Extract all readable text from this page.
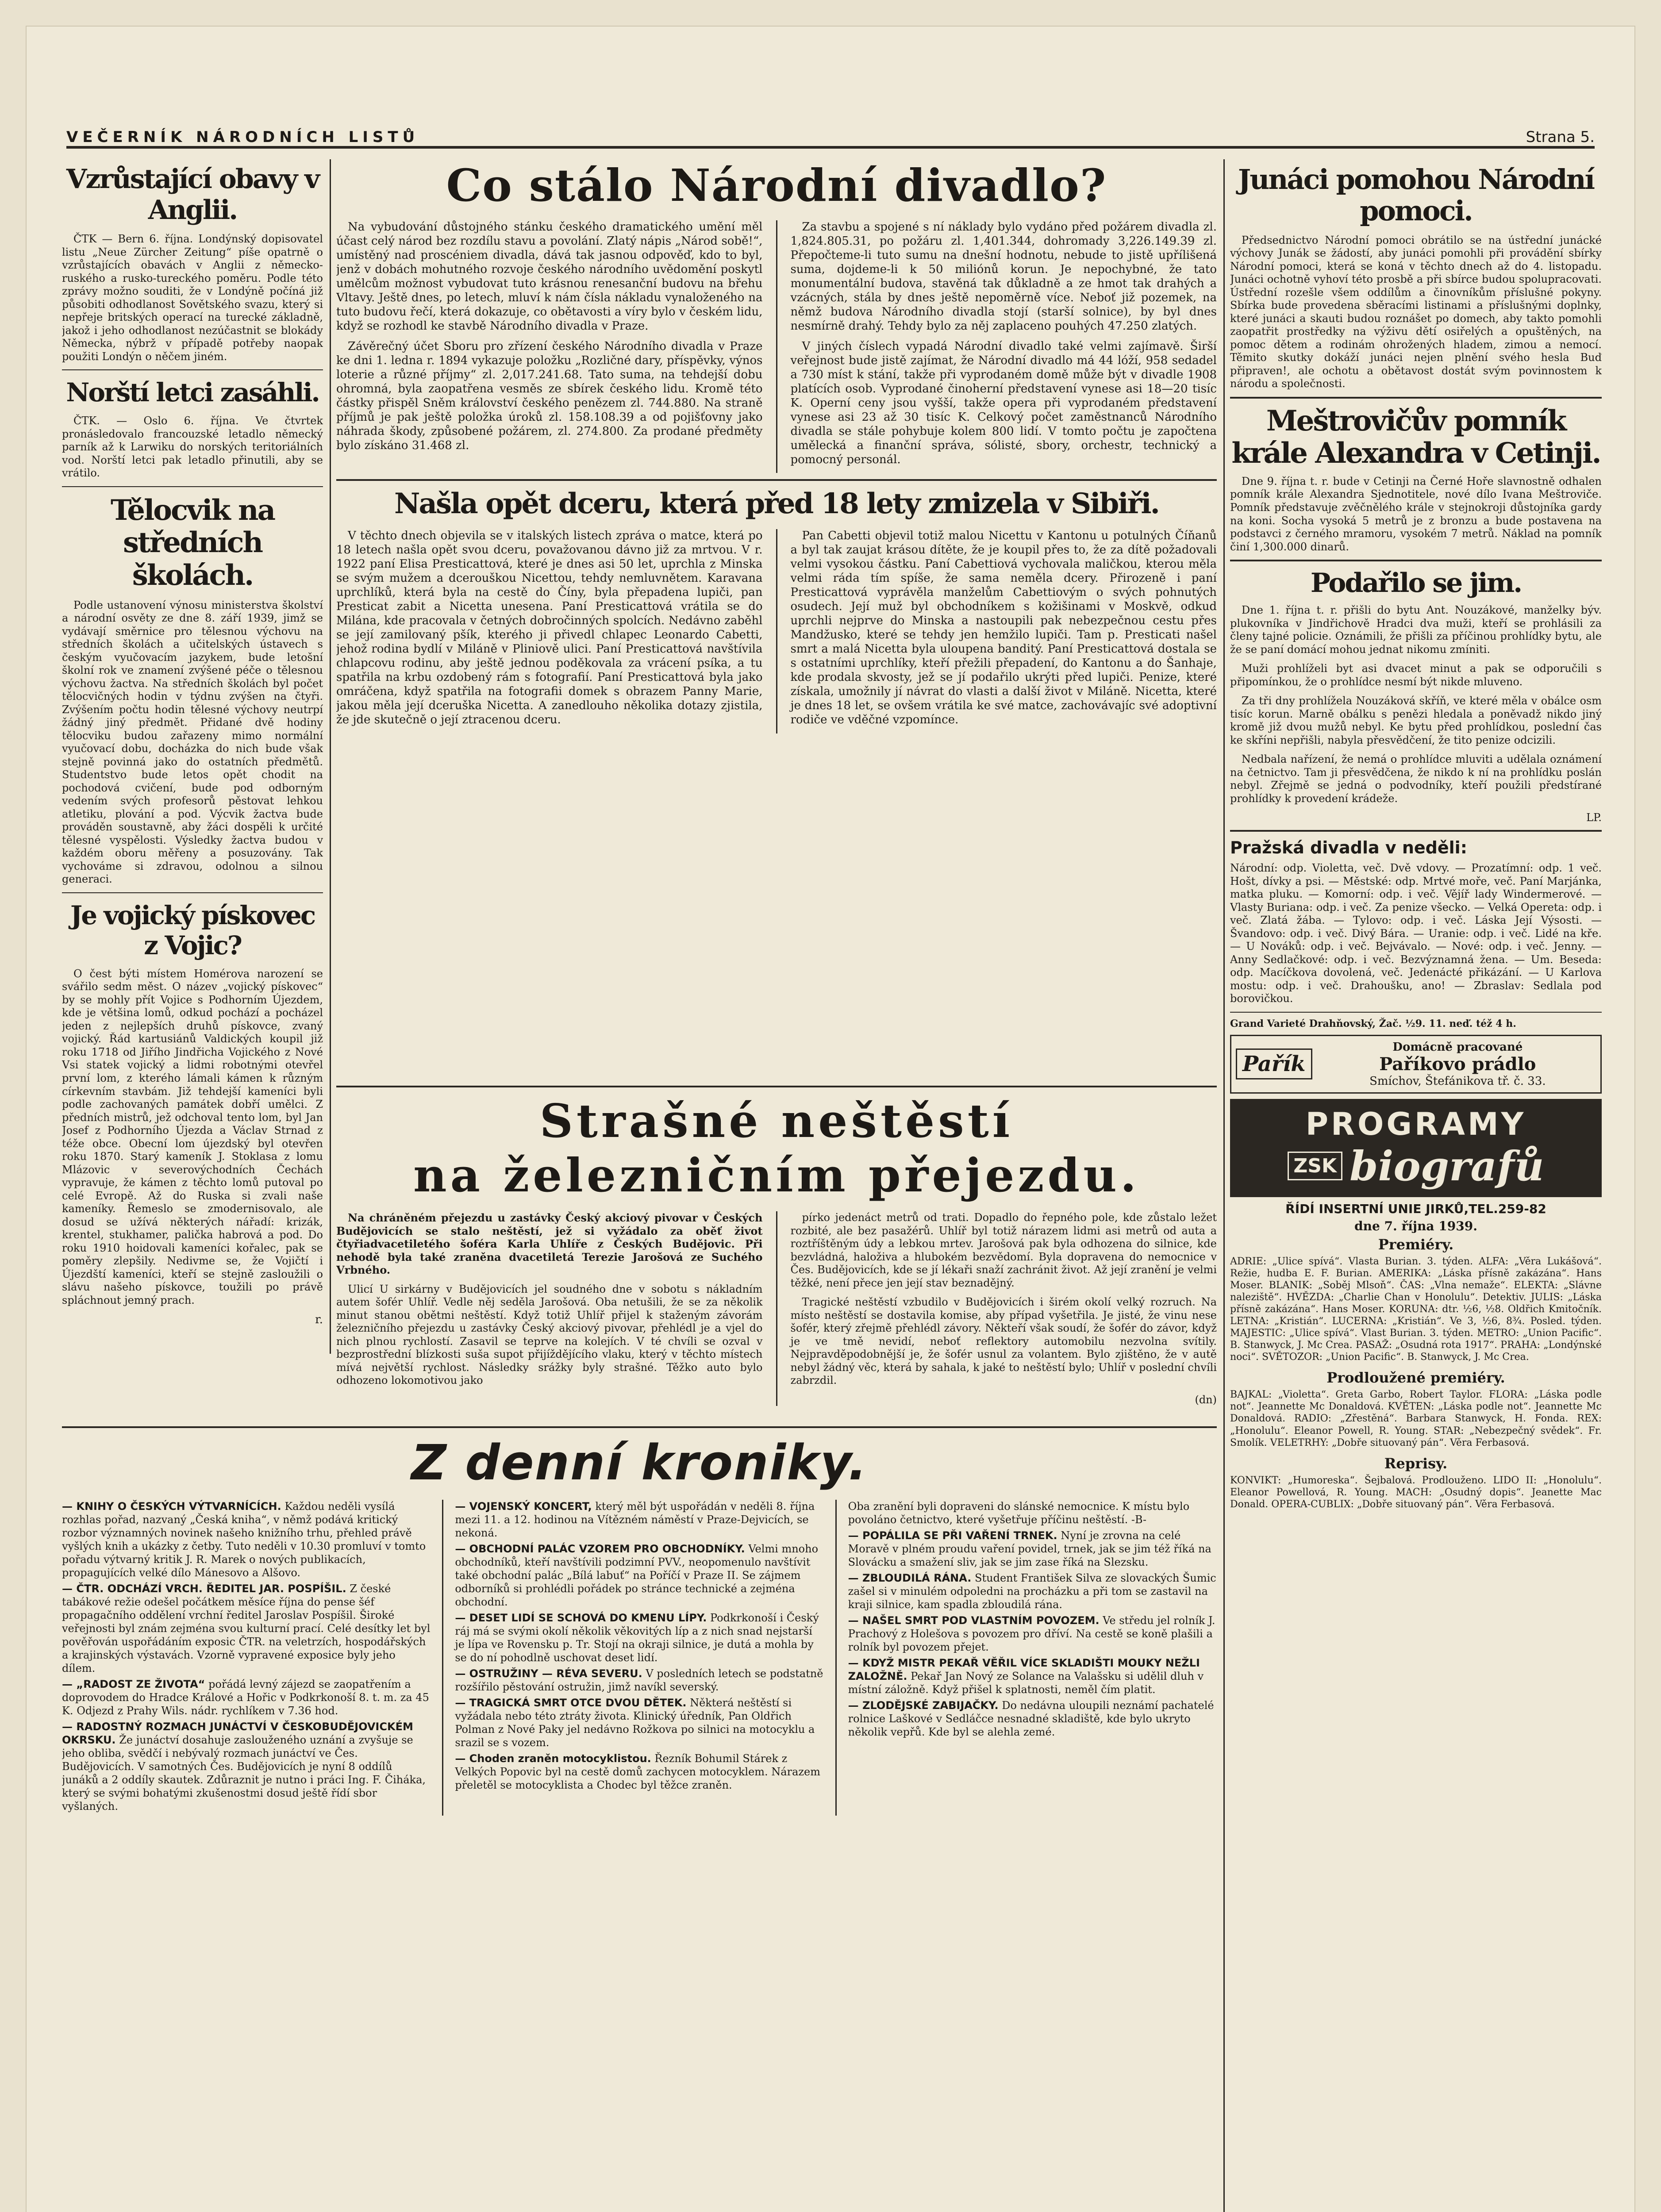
VEČERNÍK NÁRODNÍCH LISTŮ	Strana 5.
Vzrůstající obavy v Anglii.

ČTK — Bern 6. října. Londýnský dopisovatel listu „Neue Zürcher Zeitung“ píše opatrně o vzrůstajících obavách v Anglii z německo-ruského a rusko-tureckého poměru. Podle této zprávy možno souditi, že v Londýně počíná již působiti odhodlanost Sovětského svazu, který si nepřeje britských operací na turecké základně, jakož i jeho odhodlanost nezúčastnit se blokády Německa, nýbrž v případě potřeby naopak použiti Londýn o něčem jiném.

Norští letci zasáhli.

ČTK. — Oslo 6. října. Ve čtvrtek pronásledovalo francouzské letadlo německý parník až k Larwiku do norských teritoriálních vod. Norští letci pak letadlo přinutili, aby se vrátilo.

Tělocvik na středních školách.

Podle ustanovení výnosu ministerstva školství a národní osvěty ze dne 8. září 1939, jimž se vydávají směrnice pro tělesnou výchovu na středních školách a učitelských ústavech s českým vyučovacím jazykem, bude letošní školní rok ve znamení zvýšené péče o tělesnou výchovu žactva. Na středních školách byl počet tělocvičných hodin v týdnu zvýšen na čtyři. Zvýšením počtu hodin tělesné výchovy neutrpí žádný jiný předmět. Přidané dvě hodiny tělocviku budou zařazeny mimo normální vyučovací dobu, docházka do nich bude však stejně povinná jako do ostatních předmětů. Studentstvo bude letos opět chodit na pochodová cvičení, bude pod odborným vedením svých profesorů pěstovat lehkou atletiku, plování a pod. Výcvik žactva bude prováděn soustavně, aby žáci dospěli k určité tělesné vyspělosti. Výsledky žactva budou v každém oboru měřeny a posuzovány. Tak vychováme si zdravou, odolnou a silnou generaci.

Je vojický pískovec z Vojic?

O čest býti místem Homérova narození se svářilo sedm měst. O název „vojický pískovec“ by se mohly přít Vojice s Podhorním Újezdem, kde je většina lomů, odkud pochází a pocházel jeden z nejlepších druhů pískovce, zvaný vojický. Řád kartusiánů Valdických koupil již roku 1718 od Jiřího Jindřicha Vojického z Nové Vsi statek vojický a lidmi robotnými otevřel první lom, z kterého lámali kámen k různým církevním stavbám. Již tehdejší kameníci byli podle zachovaných památek dobří umělci. Z předních mistrů, jež odchoval tento lom, byl Jan Josef z Podhorního Újezda a Václav Strnad z téže obce. Obecní lom újezdský byl otevřen roku 1870. Starý kameník J. Stoklasa z lomu Mlázovic v severovýchodních Čechách vypravuje, že kámen z těchto lomů putoval po celé Evropě. Až do Ruska si zvali naše kameníky. Řemeslo se zmodernisovalo, ale dosud se užívá některých nářadí: krizák, krentel, stukhamer, palička habrová a pod. Do roku 1910 hoidovali kameníci kořalec, pak se poměry zlepšily. Nedivme se, že Vojičtí i Újezdští kameníci, kteří se stejně zasloužili o slávu našeho pískovce, toužili po právě spláchnout jemný prach.

r.
Co stálo Národní divadlo?

Na vybudování důstojného stánku českého dramatického umění měl účast celý národ bez rozdílu stavu a povolání. Zlatý nápis „Národ sobě!“, umístěný nad proscéniem divadla, dává tak jasnou odpověď, kdo to byl, jenž v dobách mohutného rozvoje českého národního uvědomění poskytl umělcům možnost vybudovat tuto krásnou renesanční budovu na břehu Vltavy. Ještě dnes, po letech, mluví k nám čísla nákladu vynaloženého na tuto budovu řečí, která dokazuje, co obětavosti a víry bylo v českém lidu, když se rozhodl ke stavbě Národního divadla v Praze.

Závěrečný účet Sboru pro zřízení českého Národního divadla v Praze ke dni 1. ledna r. 1894 vykazuje položku „Rozličné dary, příspěvky, výnos loterie a různé příjmy“ zl. 2,017.241.68. Tato suma, na tehdejší dobu ohromná, byla zaopatřena vesměs ze sbírek českého lidu. Kromě této částky přispěl Sněm království českého penězem zl. 744.880. Na straně příjmů je pak ještě položka úroků zl. 158.108.39 a od pojišťovny jako náhrada škody, způsobené požárem, zl. 274.800. Za prodané předměty bylo získáno 31.468 zl.

Za stavbu a spojené s ní náklady bylo vydáno před požárem divadla zl. 1,824.805.31, po požáru zl. 1,401.344, dohromady 3,226.149.39 zl. Přepočteme-li tuto sumu na dnešní hodnotu, nebude to jistě upřílišená suma, dojdeme-li k 50 miliónů korun. Je nepochybné, že tato monumentální budova, stavěná tak důkladně a ze hmot tak drahých a vzácných, stála by dnes ještě nepoměrně více. Neboť již pozemek, na němž budova Národního divadla stojí (starší solnice), by byl dnes nesmírně drahý. Tehdy bylo za něj zaplaceno pouhých 47.250 zlatých.

V jiných číslech vypadá Národní divadlo také velmi zajímavě. Širší veřejnost bude jistě zajímat, že Národní divadlo má 44 lóží, 958 sedadel a 730 míst k stání, takže při vyprodaném domě může být v divadle 1908 platících osob. Vyprodané činoherní představení vynese asi 18—20 tisíc K. Operní ceny jsou vyšší, takže opera při vyprodaném představení vynese asi 23 až 30 tisíc K. Celkový počet zaměstnanců Národního divadla se stále pohybuje kolem 800 lidí. V tomto počtu je započtena umělecká a finanční správa, sólisté, sbory, orchestr, technický a pomocný personál.

Našla opět dceru, která před 18 lety zmizela v Sibiři.

V těchto dnech objevila se v italských listech zpráva o matce, která po 18 letech našla opět svou dceru, považovanou dávno již za mrtvou. V r. 1922 paní Elisa Presticattová, které je dnes asi 50 let, uprchla z Minska se svým mužem a dcerouškou Nicettou, tehdy nemluvnětem. Karavana uprchlíků, která byla na cestě do Číny, byla přepadena lupiči, pan Presticat zabit a Nicetta unesena. Paní Presticattová vrátila se do Milána, kde pracovala v četných dobročinných spolcích. Nedávno zaběhl se její zamilovaný pšík, kterého ji přivedl chlapec Leonardo Cabetti, jehož rodina bydlí v Miláně v Pliniově ulici. Paní Presticattová navštívila chlapcovu rodinu, aby ještě jednou poděkovala za vrácení psíka, a tu spatřila na krbu ozdobený rám s fotografií. Paní Presticattová byla jako omráčena, když spatřila na fotografii domek s obrazem Panny Marie, jakou měla její dceruška Nicetta. A zanedlouho několika dotazy zjistila, že jde skutečně o její ztracenou dceru.

Pan Cabetti objevil totiž malou Nicettu v Kantonu u potulných Číňanů a byl tak zaujat krásou dítěte, že je koupil přes to, že za dítě požadovali velmi vysokou částku. Paní Cabettiová vychovala maličkou, kterou měla velmi ráda tím spíše, že sama neměla dcery. Přirozeně i paní Presticattová vyprávěla manželům Cabettiovým o svých pohnutých osudech. Její muž byl obchodníkem s kožišinami v Moskvě, odkud uprchli nejprve do Minska a nastoupili pak nebezpečnou cestu přes Mandžusko, které se tehdy jen hemžilo lupiči. Tam p. Presticati našel smrt a malá Nicetta byla uloupena banditý. Paní Presticattová dostala se s ostatními uprchlíky, kteří přežili přepadení, do Kantonu a do Šanhaje, kde prodala skvosty, jež se jí podařilo ukrýti před lupiči. Penize, které získala, umožnily jí návrat do vlasti a další život v Miláně. Nicetta, které je dnes 18 let, se ovšem vrátila ke své matce, zachovávajíc své adoptivní rodiče ve vděčné vzpomínce.

Strašné neštěstí
na železničním přejezdu.

Na chráněném přejezdu u zastávky Český akciový pivovar v Českých Budějovicích se stalo neštěstí, jež si vyžádalo za oběť život čtyřiadvacetiletého šoféra Karla Uhlíře z Českých Budějovic. Při nehodě byla také zraněna dvacetiletá Terezie Jarošová ze Suchého Vrbného.

Ulicí U sirkárny v Budějovicích jel soudného dne v sobotu s nákladním autem šofér Uhlíř. Vedle něj seděla Jarošová. Oba netušili, že se za několik minut stanou obětmi neštěstí. Když totiž Uhlíř přijel k staženým závorám železničního přejezdu u zastávky Český akciový pivovar, přehlédl je a vjel do nich plnou rychlostí. Zasavil se teprve na kolejích. V té chvíli se ozval v bezprostřední blízkosti suša supot přijíždějícího vlaku, který v těchto místech mívá největší rychlost. Následky srážky byly strašné. Těžko auto bylo odhozeno lokomotivou jako

pírko jedenáct metrů od trati. Dopadlo do řepného pole, kde zůstalo ležet rozbité, ale bez pasažérů. Uhlíř byl totiž nárazem lidmi asi metrů od auta a roztříštěným údy a lebkou mrtev. Jarošová pak byla odhozena do silnice, kde bezvládná, haloživa a hlubokém bezvědomí. Byla dopravena do nemocnice v Čes. Budějovicích, kde se jí lékaři snaží zachránit život. Až její zranění je velmi těžké, není přece jen její stav beznadějný.

Tragické neštěstí vzbudilo v Budějovicích i širém okolí velký rozruch. Na místo neštěstí se dostavila komise, aby případ vyšetřila. Je jisté, že vinu nese šofér, který zřejmě přehlédl závory. Někteří však soudí, že šofér do závor, když je ve tmě nevidí, neboť reflektory automobilu nezvolna svítily. Nejpravděpodobnější je, že šofér usnul za volantem. Bylo zjištěno, že v autě nebyl žádný věc, která by sahala, k jaké to neštěstí bylo; Uhlíř v poslední chvíli zabrzdil.

(dn)
Z denní kroniky.

— KNIHY O ČESKÝCH VÝTVARNÍCÍCH. Každou neděli vysílá rozhlas pořad, nazvaný „Česká kniha“, v němž podává kritický rozbor významných novinek našeho knižního trhu, přehled právě vyšlých knih a ukázky z četby. Tuto neděli v 10.30 promluví v tomto pořadu výtvarný kritik J. R. Marek o nových publikacích, propagujících velké dílo Mánesovo a Alšovo.

— ČTR. ODCHÁZÍ VRCH. ŘEDITEL JAR. POSPÍŠIL. Z české tabákové režie odešel počátkem měsíce října do pense šéf propagačního oddělení vrchní ředitel Jaroslav Pospíšil. Široké veřejnosti byl znám zejména svou kulturní prací. Celé desítky let byl pověřován uspořádáním exposic ČTR. na veletrzích, hospodářských a krajinských výstavách. Vzorně vypravené exposice byly jeho dílem.

— „RADOST ZE ŽIVOTA“ pořádá levný zájezd se zaopatřením a doprovodem do Hradce Králové a Hořic v Podkrkonoší 8. t. m. za 45 K. Odjezd z Prahy Wils. nádr. rychlíkem v 7.36 hod.

— RADOSTNÝ ROZMACH JUNÁCTVÍ V ČESKOBUDĚJOVICKÉM OKRSKU. Že junáctví dosahuje zaslouženého uznání a zvyšuje se jeho obliba, svědčí i nebývalý rozmach junáctví ve Čes. Budějovicích. V samotných Čes. Budějovicích je nyní 8 oddílů junáků a 2 oddíly skautek. Zdůraznit je nutno i práci Ing. F. Čiháka, který se svými bohatými zkušenostmi dosud ještě řídí sbor vyšlaných.

— VOJENSKÝ KONCERT, který měl být uspořádán v neděli 8. října mezi 11. a 12. hodinou na Vítězném náměstí v Praze-Dejvicích, se nekoná.

— OBCHODNÍ PALÁC VZOREM PRO OBCHODNÍKY. Velmi mnoho obchodníků, kteří navštívili podzimní PVV., neopomenulo navštívit také obchodní palác „Bílá labuť“ na Poříčí v Praze II. Se zájmem odborníků si prohlédli pořádek po stránce technické a zejména obchodní.

— DESET LIDÍ SE SCHOVÁ DO KMENU LÍPY. Podkrkonoší i Český ráj má se svými okolí několik věkovitých líp a z nich snad nejstarší je lípa ve Rovensku p. Tr. Stojí na okraji silnice, je dutá a mohla by se do ní pohodlně uschovat deset lidí.

— OSTRUŽINY — RÉVA SEVERU. V posledních letech se podstatně rozšířilo pěstování ostružin, jimž navíkl severský.

— TRAGICKÁ SMRT OTCE DVOU DĚTEK. Některá neštěstí si vyžádala nebo této ztráty života. Klinický úředník, Pan Oldřich Polman z Nové Paky jel nedávno Rožkova po silnici na motocyklu a srazil se s vozem.

— Choden zraněn motocyklistou. Řezník Bohumil Stárek z Velkých Popovic byl na cestě domů zachycen motocyklem. Nárazem přeletěl se motocyklista a Chodec byl těžce zraněn.

Oba zranění byli dopraveni do slánské nemocnice. K místu bylo povoláno četnictvo, které vyšetřuje příčinu neštěstí. -B-

— POPÁLILA SE PŘI VAŘENÍ TRNEK. Nyní je zrovna na celé Moravě v plném proudu vaření povidel, trnek, jak se jim též říká na Slovácku a smažení sliv, jak se jim zase říká na Slezsku.

— ZBLOUDILÁ RÁNA. Student František Silva ze slovackých Šumic zašel si v minulém odpoledni na procházku a při tom se zastavil na kraji silnice, kam spadla zbloudilá rána.

— NAŠEL SMRT POD VLASTNÍM POVOZEM. Ve středu jel rolník J. Prachový z Holešova s povozem pro dříví. Na cestě se koně plašili a rolník byl povozem přejet.

— KDYŽ MISTR PEKAŘ VĚŘIL VÍCE SKLADIŠTI MOUKY NEŽLI ZALOŽNĚ. Pekař Jan Nový ze Solance na Valašsku si udělil dluh v místní záložně. Když přišel k splatnosti, neměl čím platit.

— ZLODĚJSKÉ ZABIJAČKY. Do nedávna uloupili neznámí pachatelé rolnice Laškové v Sedláčce nesnadné skladiště, kde bylo ukryto několik vepřů. Kde byl se alehla zemé.

Junáci pomohou Národní pomoci.

Předsednictvo Národní pomoci obrátilo se na ústřední junácké výchovy Junák se žádostí, aby junáci pomohli při provádění sbírky Národní pomoci, která se koná v těchto dnech až do 4. listopadu. Junáci ochotně vyhoví této prosbě a při sbírce budou spolupracovati. Ústřední rozešle všem oddílům a činovníkům příslušné pokyny. Sbírka bude provedena sběracími listinami a příslušnými doplnky, které junáci a skauti budou roznášet po domech, aby takto pomohli zaopatřit prostředky na výživu dětí osiřelých a opuštěných, na pomoc dětem a rodinám ohrožených hladem, zimou a nemocí. Těmito skutky dokáží junáci nejen plnění svého hesla Buď připraven!, ale ochotu a obětavost dostát svým povinnostem k národu a společnosti.

Meštrovičův pomník krále Alexandra v Cetinji.

Dne 9. října t. r. bude v Cetinji na Černé Hoře slavnostně odhalen pomník krále Alexandra Sjednotitele, nové dílo Ivana Meštroviče. Pomník představuje zvěčnělého krále v stejnokroji důstojníka gardy na koni. Socha vysoká 5 metrů je z bronzu a bude postavena na podstavci z černého mramoru, vysokém 7 metrů. Náklad na pomník činí 1,300.000 dinarů.

Podařilo se jim.

Dne 1. října t. r. přišli do bytu Ant. Nouzákové, manželky býv. plukovníka v Jindřichově Hradci dva muži, kteří se prohlásili za členy tajné policie. Oznámili, že přišli za příčinou prohlídky bytu, ale že se paní domácí mohou jednat nikomu zmíniti.

Muži prohlíželi byt asi dvacet minut a pak se odporučili s připomínkou, že o prohlídce nesmí být nikde mluveno.

Za tři dny prohlížela Nouzáková skříň, ve které měla v obálce osm tisíc korun. Marně obálku s penězi hledala a poněvadž nikdo jiný kromě již dvou mužů nebyl. Ke bytu před prohlídkou, poslední čas ke skříni nepřišli, nabyla přesvědčení, že tito penize odcizili.

Nedbala nařízení, že nemá o prohlídce mluviti a udělala oznámení na četnictvo. Tam ji přesvědčena, že nikdo k ní na prohlídku poslán nebyl. Zřejmě se jedná o podvodníky, kteří použili předstírané prohlídky k provedení krádeže.

LP.
Pražská divadla v neděli:

Národní: odp. Violetta, več. Dvě vdovy. — Prozatímní: odp. 1 več. Hošt, dívky a psi. — Městské: odp. Mrtvé moře, več. Paní Marjánka, matka pluku. — Komorní: odp. i več. Vějíř lady Windermerové. — Vlasty Burianа: odp. i več. Za penize všecko. — Velká Opereta: odp. i več. Zlatá žába. — Tylovo: odp. i več. Láska Její Výsosti. — Švandovo: odp. i več. Divý Bára. — Uranie: odp. i več. Lidé na kře. — U Nováků: odp. i več. Bejvávalo. — Nové: odp. i več. Jenny. — Anny Sedlačkové: odp. i več. Bezvýznamná žena. — Um. Beseda: odp. Macíčkova dovolená, več. Jedenácté přikázání. — U Karlova mostu: odp. i več. Drahoušku, ano! — Zbraslav: Sedlala pod borovičkou.

Grand Varieté Drahňovský, Žač. ½9. 11. neď. též 4 h.
Pařík
Domácně pracované
Paříkovo prádlo
Smíchov, Štefánikova tř. č. 33.
PROGRAMY
ZSK biografů
ŘÍDÍ INSERTNÍ UNIE JIRKŮ,TEL.259-82
dne 7. října 1939.
Premiéry.

ADRIE: „Ulice spívá“. Vlasta Burian. 3. týden. ALFA: „Věra Lukášová“. Režie, hudba E. F. Burian. AMERIKA: „Láska přísně zakázána“. Hans Moser. BLANIK: „Soběj Mlsoň“. ČAS: „Vlna nemaže“. ELEKTA: „Slávne naleziště“. HVĚZDA: „Charlie Chan v Honolulu“. Detektiv. JULIS: „Láska přísně zakázána“. Hans Moser. KORUNA: dtr. ½6, ½8. Oldřich Kmitočník. LETNA: „Kristián“. LUCERNA: „Kristián“. Ve 3, ½6, 8¾. Posled. týden. MAJESTIC: „Ulice spívá“. Vlast Burian. 3. týden. METRO: „Union Pacific“. B. Stanwyck, J. Mc Crea. PASAŽ: „Osudná rota 1917“. PRAHA: „Londýnské noci“. SVĚTOZOR: „Union Pacific“. B. Stanwyck, J. Mc Crea.

Prodloužené premiéry.

BAJKAL: „Violetta“. Greta Garbo, Robert Taylor. FLORA: „Láska podle not“. Jeannette Mc Donaldová. KVĚTEN: „Láska podle not“. Jeannette Mc Donaldová. RADIO: „Zřestěná“. Barbara Stanwyck, H. Fonda. REX: „Honolulu“. Eleanor Powell, R. Young. STAR: „Nebezpečný svědek“. Fr. Smolík. VELETRHY: „Dobře situovaný pán“. Věra Ferbasová.

Reprisy.

KONVIKT: „Humoreska“. Šejbalová. Prodlouženo. LIDO II: „Honolulu“. Eleanor Powellová, R. Young. MACH: „Osudný dopis“. Jeanette Mac Donald. OPERA-CUBLIX: „Dobře situovaný pán“. Věra Ferbasová.
